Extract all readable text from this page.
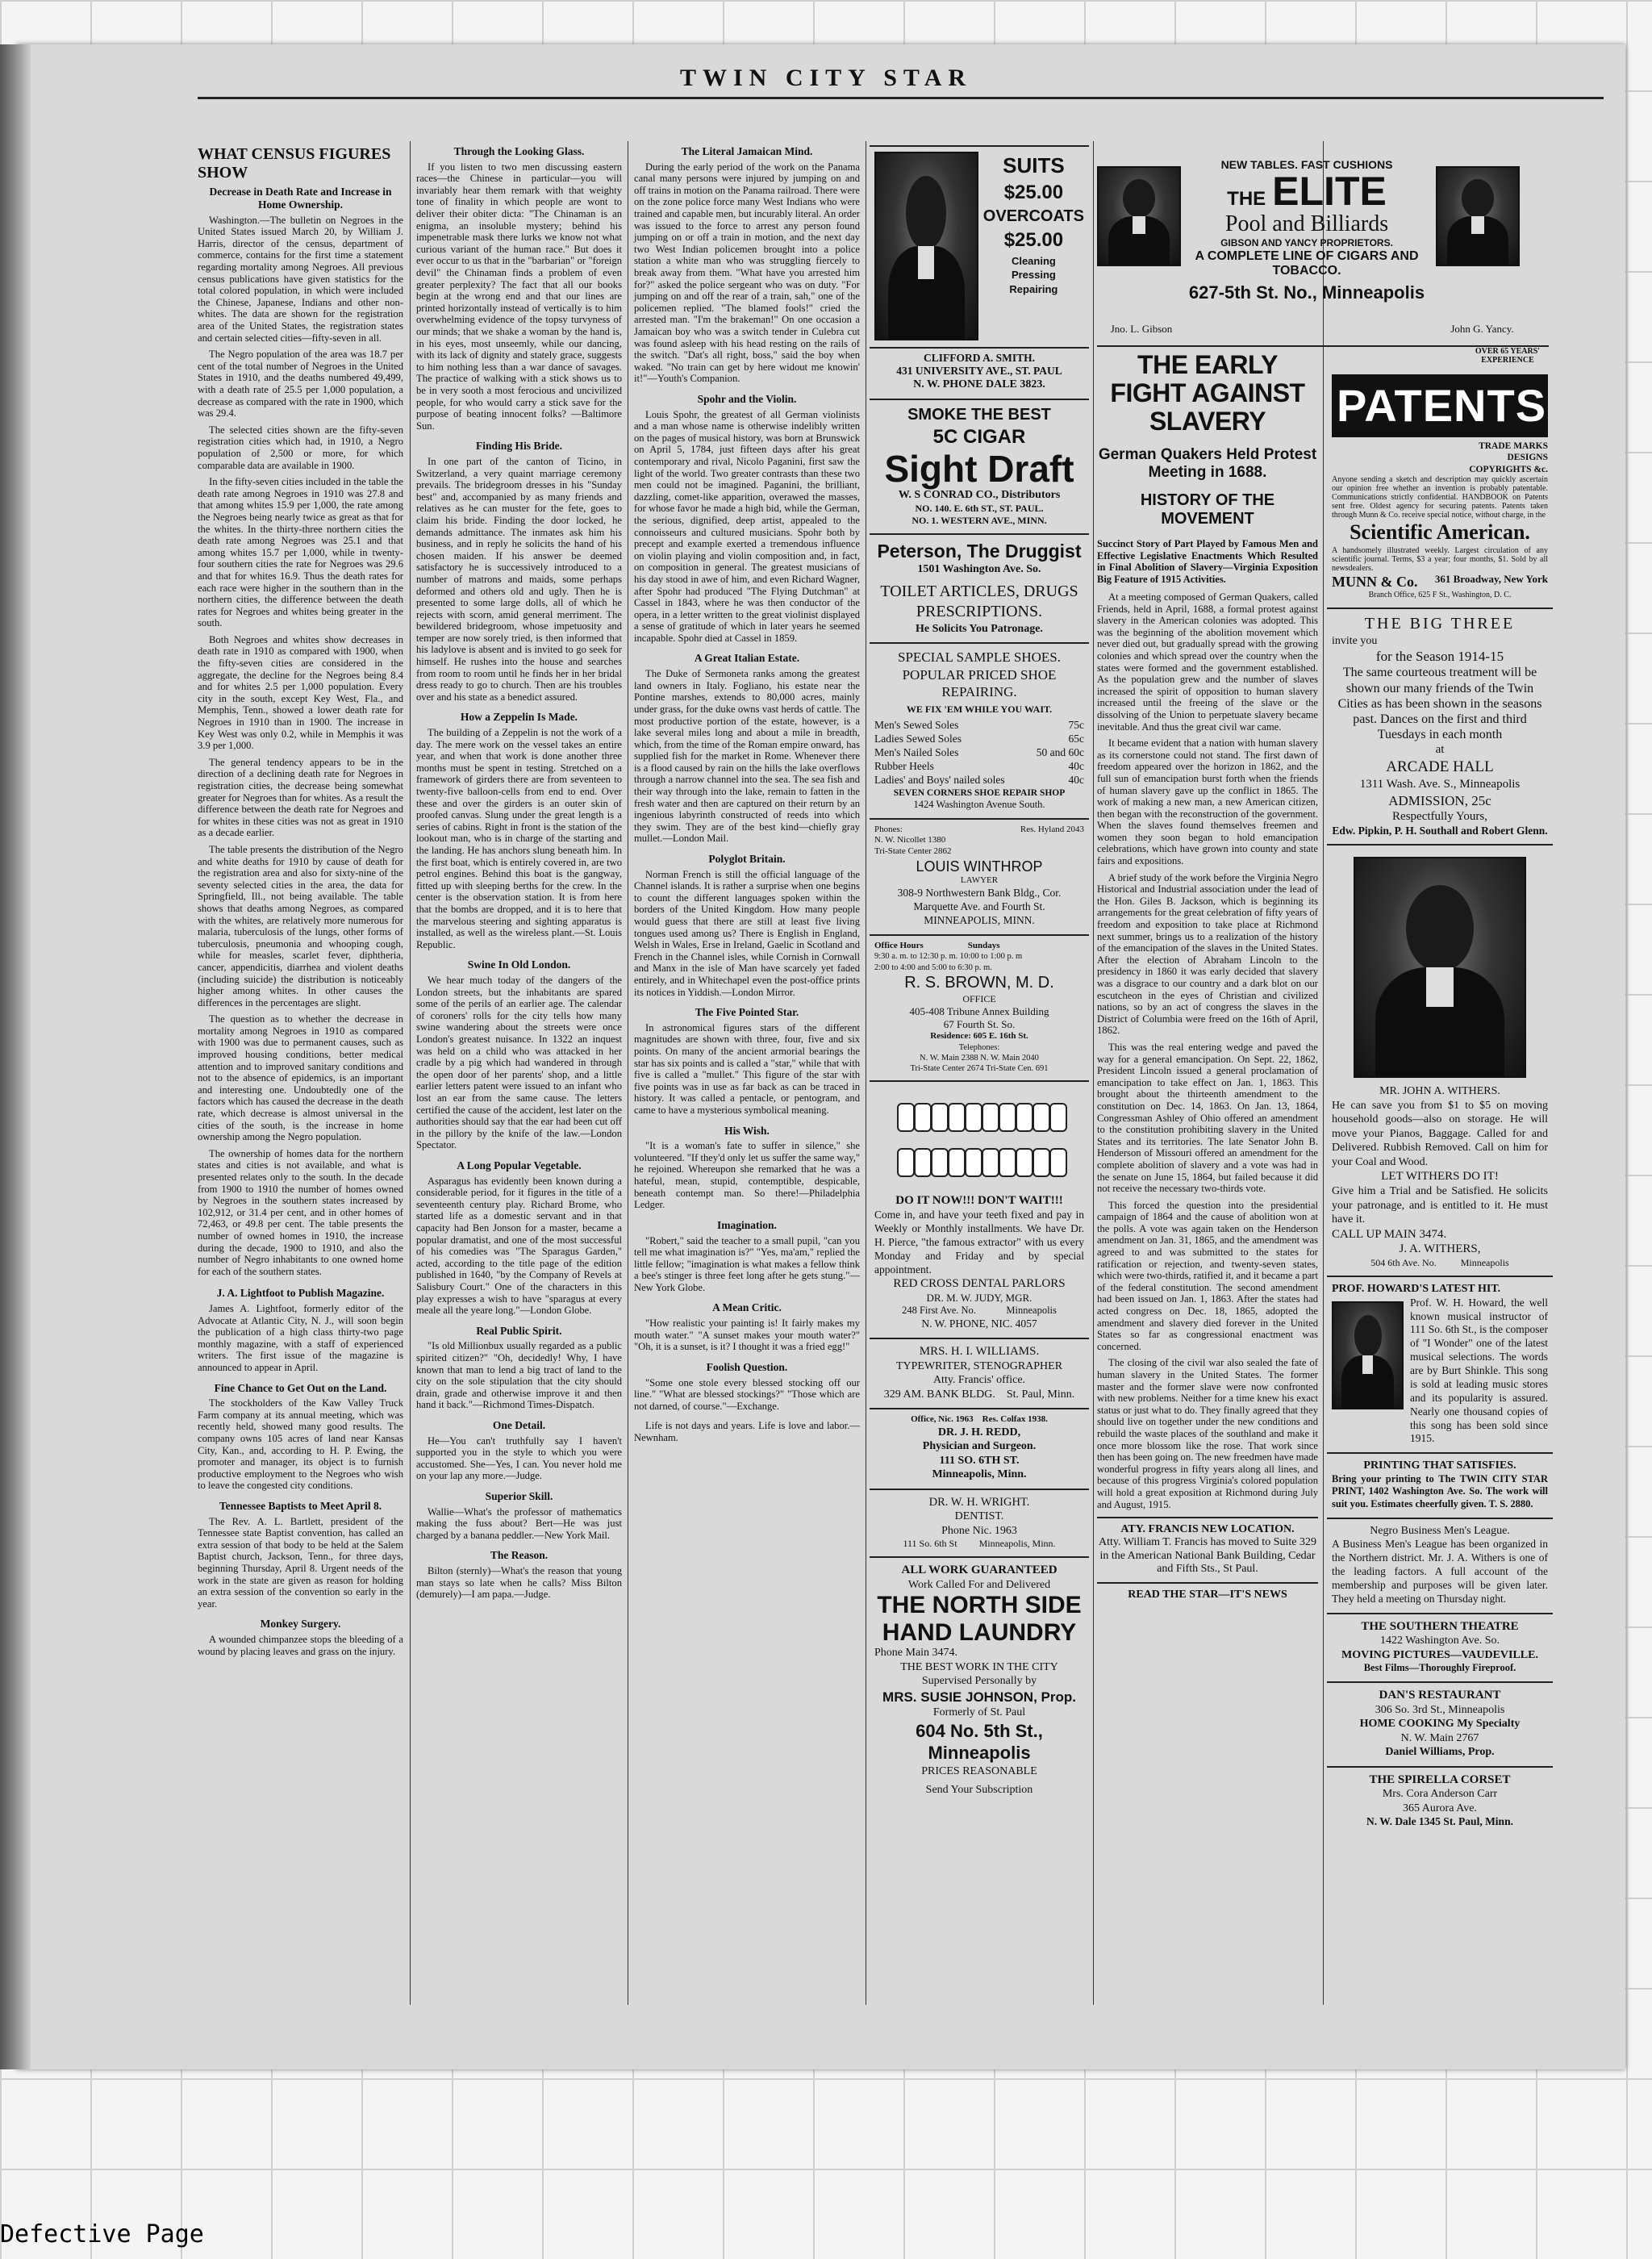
TWIN CITY STAR
WHAT CENSUS FIGURES SHOW
Decrease in Death Rate and Increase in Home Ownership.

Washington.—The bulletin on Negroes in the United States issued March 20, by William J. Harris, director of the census, department of commerce, contains for the first time a statement regarding mortality among Negroes. All previous census publications have given statistics for the total colored population, in which were included the Chinese, Japanese, Indians and other non-whites. The data are shown for the registration area of the United States, the registration states and certain selected cities—fifty-seven in all.

The Negro population of the area was 18.7 per cent of the total number of Negroes in the United States in 1910, and the deaths numbered 49,499, with a death rate of 25.5 per 1,000 population, a decrease as compared with the rate in 1900, which was 29.4.

The selected cities shown are the fifty-seven registration cities which had, in 1910, a Negro population of 2,500 or more, for which comparable data are available in 1900.

In the fifty-seven cities included in the table the death rate among Negroes in 1910 was 27.8 and that among whites 15.9 per 1,000, the rate among the Negroes being nearly twice as great as that for the whites. In the thirty-three northern cities the death rate among Negroes was 25.1 and that among whites 15.7 per 1,000, while in twenty-four southern cities the rate for Negroes was 29.6 and that for whites 16.9. Thus the death rates for each race were higher in the southern than in the northern cities, the difference between the death rates for Negroes and whites being greater in the south.

Both Negroes and whites show decreases in death rate in 1910 as compared with 1900, when the fifty-seven cities are considered in the aggregate, the decline for the Negroes being 8.4 and for whites 2.5 per 1,000 population. Every city in the south, except Key West, Fla., and Memphis, Tenn., showed a lower death rate for Negroes in 1910 than in 1900. The increase in Key West was only 0.2, while in Memphis it was 3.9 per 1,000.

The general tendency appears to be in the direction of a declining death rate for Negroes in registration cities, the decrease being somewhat greater for Negroes than for whites. As a result the difference between the death rate for Negroes and for whites in these cities was not as great in 1910 as a decade earlier.

The table presents the distribution of the Negro and white deaths for 1910 by cause of death for the registration area and also for sixty-nine of the seventy selected cities in the area, the data for Springfield, Ill., not being available. The table shows that deaths among Negroes, as compared with the whites, are relatively more numerous for malaria, tuberculosis of the lungs, other forms of tuberculosis, pneumonia and whooping cough, while for measles, scarlet fever, diphtheria, cancer, appendicitis, diarrhea and violent deaths (including suicide) the distribution is noticeably higher among whites. In other causes the differences in the percentages are slight.

The question as to whether the decrease in mortality among Negroes in 1910 as compared with 1900 was due to permanent causes, such as improved housing conditions, better medical attention and to improved sanitary conditions and not to the absence of epidemics, is an important and interesting one. Undoubtedly one of the factors which has caused the decrease in the death rate, which decrease is almost universal in the cities of the south, is the increase in home ownership among the Negro population.

The ownership of homes data for the northern states and cities is not available, and what is presented relates only to the south. In the decade from 1900 to 1910 the number of homes owned by Negroes in the southern states increased by 102,912, or 31.4 per cent, and in other homes of 72,463, or 49.8 per cent. The table presents the number of owned homes in 1910, the increase during the decade, 1900 to 1910, and also the number of Negro inhabitants to one owned home for each of the southern states.

J. A. Lightfoot to Publish Magazine.

James A. Lightfoot, formerly editor of the Advocate at Atlantic City, N. J., will soon begin the publication of a high class thirty-two page monthly magazine, with a staff of experienced writers. The first issue of the magazine is announced to appear in April.

Fine Chance to Get Out on the Land.

The stockholders of the Kaw Valley Truck Farm company at its annual meeting, which was recently held, showed many good results. The company owns 105 acres of land near Kansas City, Kan., and, according to H. P. Ewing, the promoter and manager, its object is to furnish productive employment to the Negroes who wish to leave the congested city conditions.

Tennessee Baptists to Meet April 8.

The Rev. A. L. Bartlett, president of the Tennessee state Baptist convention, has called an extra session of that body to be held at the Salem Baptist church, Jackson, Tenn., for three days, beginning Thursday, April 8. Urgent needs of the work in the state are given as reason for holding an extra session of the convention so early in the year.

Monkey Surgery.

A wounded chimpanzee stops the bleeding of a wound by placing leaves and grass on the injury.

Through the Looking Glass.

If you listen to two men discussing eastern races—the Chinese in particular—you will invariably hear them remark with that weighty tone of finality in which people are wont to deliver their obiter dicta: "The Chinaman is an enigma, an insoluble mystery; behind his impenetrable mask there lurks we know not what curious variant of the human race." But does it ever occur to us that in the "barbarian" or "foreign devil" the Chinaman finds a problem of even greater perplexity? The fact that all our books begin at the wrong end and that our lines are printed horizontally instead of vertically is to him overwhelming evidence of the topsy turvyness of our minds; that we shake a woman by the hand is, in his eyes, most unseemly, while our dancing, with its lack of dignity and stately grace, suggests to him nothing less than a war dance of savages. The practice of walking with a stick shows us to be in very sooth a most ferocious and uncivilized people, for who would carry a stick save for the purpose of beating innocent folks? —Baltimore Sun.

Finding His Bride.

In one part of the canton of Ticino, in Switzerland, a very quaint marriage ceremony prevails. The bridegroom dresses in his "Sunday best" and, accompanied by as many friends and relatives as he can muster for the fete, goes to claim his bride. Finding the door locked, he demands admittance. The inmates ask him his business, and in reply he solicits the hand of his chosen maiden. If his answer be deemed satisfactory he is successively introduced to a number of matrons and maids, some perhaps deformed and others old and ugly. Then he is presented to some large dolls, all of which he rejects with scorn, amid general merriment. The bewildered bridegroom, whose impetuosity and temper are now sorely tried, is then informed that his ladylove is absent and is invited to go seek for himself. He rushes into the house and searches from room to room until he finds her in her bridal dress ready to go to church. Then are his troubles over and his state as a benedict assured.

How a Zeppelin Is Made.

The building of a Zeppelin is not the work of a day. The mere work on the vessel takes an entire year, and when that work is done another three months must be spent in testing. Stretched on a framework of girders there are from seventeen to twenty-five balloon-cells from end to end. Over these and over the girders is an outer skin of proofed canvas. Slung under the great length is a series of cabins. Right in front is the station of the lookout man, who is in charge of the starting and the landing. He has anchors slung beneath him. In the first boat, which is entirely covered in, are two petrol engines. Behind this boat is the gangway, fitted up with sleeping berths for the crew. In the center is the observation station. It is from here that the bombs are dropped, and it is to here that the marvelous steering and sighting apparatus is installed, as well as the wireless plant.—St. Louis Republic.

Swine In Old London.

We hear much today of the dangers of the London streets, but the inhabitants are spared some of the perils of an earlier age. The calendar of coroners' rolls for the city tells how many swine wandering about the streets were once London's greatest nuisance. In 1322 an inquest was held on a child who was attacked in her cradle by a pig which had wandered in through the open door of her parents' shop, and a little earlier letters patent were issued to an infant who lost an ear from the same cause. The letters certified the cause of the accident, lest later on the authorities should say that the ear had been cut off in the pillory by the knife of the law.—London Spectator.

A Long Popular Vegetable.

Asparagus has evidently been known during a considerable period, for it figures in the title of a seventeenth century play. Richard Brome, who started life as a domestic servant and in that capacity had Ben Jonson for a master, became a popular dramatist, and one of the most successful of his comedies was "The Sparagus Garden," acted, according to the title page of the edition published in 1640, "by the Company of Revels at Salisbury Court." One of the characters in this play expresses a wish to have "sparagus at every meale all the yeare long."—London Globe.

Real Public Spirit.

"Is old Millionbux usually regarded as a public spirited citizen?" "Oh, decidedly! Why, I have known that man to lend a big tract of land to the city on the sole stipulation that the city should drain, grade and otherwise improve it and then hand it back."—Richmond Times-Dispatch.

One Detail.

He—You can't truthfully say I haven't supported you in the style to which you were accustomed. She—Yes, I can. You never hold me on your lap any more.—Judge.

Superior Skill.

Wallie—What's the professor of mathematics making the fuss about? Bert—He was just charged by a banana peddler.—New York Mail.

The Reason.

Bilton (sternly)—What's the reason that young man stays so late when he calls? Miss Bilton (demurely)—I am papa.—Judge.

The Literal Jamaican Mind.

During the early period of the work on the Panama canal many persons were injured by jumping on and off trains in motion on the Panama railroad. There were on the zone police force many West Indians who were trained and capable men, but incurably literal. An order was issued to the force to arrest any person found jumping on or off a train in motion, and the next day two West Indian policemen brought into a police station a white man who was struggling fiercely to break away from them. "What have you arrested him for?" asked the police sergeant who was on duty. "For jumping on and off the rear of a train, sah," one of the policemen replied. "The blamed fools!" cried the arrested man. "I'm the brakeman!" On one occasion a Jamaican boy who was a switch tender in Culebra cut was found asleep with his head resting on the rails of the switch. "Dat's all right, boss," said the boy when waked. "No train can get by here widout me knowin' it!"—Youth's Companion.

Spohr and the Violin.

Louis Spohr, the greatest of all German violinists and a man whose name is otherwise indelibly written on the pages of musical history, was born at Brunswick on April 5, 1784, just fifteen days after his great contemporary and rival, Nicolo Paganini, first saw the light of the world. Two greater contrasts than these two men could not be imagined. Paganini, the brilliant, dazzling, comet-like apparition, overawed the masses, for whose favor he made a high bid, while the German, the serious, dignified, deep artist, appealed to the connoisseurs and cultured musicians. Spohr both by precept and example exerted a tremendous influence on violin playing and violin composition and, in fact, on composition in general. The greatest musicians of his day stood in awe of him, and even Richard Wagner, after Spohr had produced "The Flying Dutchman" at Cassel in 1843, where he was then conductor of the opera, in a letter written to the great violinist displayed a sense of gratitude of which in later years he seemed incapable. Spohr died at Cassel in 1859.

A Great Italian Estate.

The Duke of Sermoneta ranks among the greatest land owners in Italy. Fogliano, his estate near the Pontine marshes, extends to 80,000 acres, mainly under grass, for the duke owns vast herds of cattle. The most productive portion of the estate, however, is a lake several miles long and about a mile in breadth, which, from the time of the Roman empire onward, has supplied fish for the market in Rome. Whenever there is a flood caused by rain on the hills the lake overflows through a narrow channel into the sea. The sea fish and their way through into the lake, remain to fatten in the fresh water and then are captured on their return by an ingenious labyrinth constructed of reeds into which they swim. They are of the best kind—chiefly gray mullet.—London Mail.

Polyglot Britain.

Norman French is still the official language of the Channel islands. It is rather a surprise when one begins to count the different languages spoken within the borders of the United Kingdom. How many people would guess that there are still at least five living tongues used among us? There is English in England, Welsh in Wales, Erse in Ireland, Gaelic in Scotland and French in the Channel isles, while Cornish in Cornwall and Manx in the isle of Man have scarcely yet faded entirely, and in Whitechapel even the post-office prints its notices in Yiddish.—London Mirror.

The Five Pointed Star.

In astronomical figures stars of the different magnitudes are shown with three, four, five and six points. On many of the ancient armorial bearings the star has six points and is called a "star," while that with five is called a "mullet." This figure of the star with five points was in use as far back as can be traced in history. It was called a pentacle, or pentogram, and came to have a mysterious symbolical meaning.

His Wish.

"It is a woman's fate to suffer in silence," she volunteered. "If they'd only let us suffer the same way," he rejoined. Whereupon she remarked that he was a hateful, mean, stupid, contemptible, despicable, beneath contempt man. So there!—Philadelphia Ledger.

Imagination.

"Robert," said the teacher to a small pupil, "can you tell me what imagination is?" "Yes, ma'am," replied the little fellow; "imagination is what makes a fellow think a bee's stinger is three feet long after he gets stung."—New York Globe.

A Mean Critic.

"How realistic your painting is! It fairly makes my mouth water." "A sunset makes your mouth water?" "Oh, it is a sunset, is it? I thought it was a fried egg!"

Foolish Question.

"Some one stole every blessed stocking off our line." "What are blessed stockings?" "Those which are not darned, of course."—Exchange.

Life is not days and years. Life is love and labor.—Newnham.

SUITS
$25.00
OVERCOATS
$25.00
Cleaning
Pressing
Repairing
CLIFFORD A. SMITH.
431 UNIVERSITY AVE., ST. PAUL
N. W. PHONE DALE 3823.
SMOKE THE BEST
5C CIGAR
Sight Draft
W. S CONRAD CO., Distributors
NO. 140. E. 6th ST., ST. PAUL.
NO. 1. WESTERN AVE., MINN.
Peterson, The Druggist
1501 Washington Ave. So.
TOILET ARTICLES, DRUGS
PRESCRIPTIONS.
He Solicits You Patronage.
SPECIAL SAMPLE SHOES.
POPULAR PRICED SHOE REPAIRING.
WE FIX 'EM WHILE YOU WAIT.
Men's Sewed Soles	75c
Ladies Sewed Soles	65c
Men's Nailed Soles	50 and 60c
Rubber Heels	40c
Ladies' and Boys' nailed soles	40c
SEVEN CORNERS SHOE REPAIR SHOP
1424 Washington Avenue South.
Phones:
N. W. Nicollet 1380
Tri-State Center 2862
Res. Hyland 2043
LOUIS WINTHROP
LAWYER
308-9 Northwestern Bank Bldg., Cor. Marquette Ave. and Fourth St. MINNEAPOLIS, MINN.
Office Hours                    Sundays
9:30 a. m. to 12:30 p. m. 10:00 to 1:00 p. m
2:00 to 4:00 and 5:00 to 6:30 p. m.
R. S. BROWN, M. D.
OFFICE
405-408 Tribune Annex Building
67 Fourth St. So.
Residence: 605 E. 16th St.
Telephones:
N. W. Main 2388 N. W. Main 2040
Tri-State Center 2674 Tri-State Cen. 691
DO IT NOW!!! DON'T WAIT!!!
Come in, and have your teeth fixed and pay in Weekly or Monthly installments. We have Dr. H. Pierce, "the famous extractor" with us every Monday and Friday and by special appointment.
RED CROSS DENTAL PARLORS
DR. M. W. JUDY, MGR.
248 First Ave. No.            Minneapolis
N. W. PHONE, NIC. 4057
MRS. H. I. WILLIAMS.
TYPEWRITER, STENOGRAPHER
Atty. Francis' office.
329 AM. BANK BLDG.    St. Paul, Minn.
Office, Nic. 1963    Res. Colfax 1938.
DR. J. H. REDD,
Physician and Surgeon.
111 SO. 6TH ST.
Minneapolis, Minn.
DR. W. H. WRIGHT.
DENTIST.
Phone Nic. 1963
111 So. 6th St         Minneapolis, Minn.
ALL WORK GUARANTEED
Work Called For and Delivered
THE NORTH SIDE HAND LAUNDRY
Phone Main 3474.
THE BEST WORK IN THE CITY
Supervised Personally by
MRS. SUSIE JOHNSON, Prop.
Formerly of St. Paul
604 No. 5th St., Minneapolis
PRICES REASONABLE
Send Your Subscription
Jno. L. Gibson	John G. Yancy.
NEW TABLES. FAST CUSHIONS
THE ELITE
Pool and Billiards
GIBSON AND YANCY PROPRIETORS.
A COMPLETE LINE OF CIGARS AND TOBACCO.
627-5th St. No., Minneapolis
THE EARLY FIGHT AGAINST SLAVERY
German Quakers Held Protest Meeting in 1688.
HISTORY OF THE MOVEMENT
Succinct Story of Part Played by Famous Men and Effective Legislative Enactments Which Resulted in Final Abolition of Slavery—Virginia Exposition Big Feature of 1915 Activities.

At a meeting composed of German Quakers, called Friends, held in April, 1688, a formal protest against slavery in the American colonies was adopted. This was the beginning of the abolition movement which never died out, but gradually spread with the growing colonies and which spread over the country when the states were formed and the government established. As the population grew and the number of slaves increased the spirit of opposition to human slavery increased until the freeing of the slave or the dissolving of the Union to perpetuate slavery became inevitable. And thus the great civil war came.

It became evident that a nation with human slavery as its cornerstone could not stand. The first dawn of freedom appeared over the horizon in 1862, and the full sun of emancipation burst forth when the friends of human slavery gave up the conflict in 1865. The work of making a new man, a new American citizen, then began with the reconstruction of the government. When the slaves found themselves freemen and women they soon began to hold emancipation celebrations, which have grown into county and state fairs and expositions.

A brief study of the work before the Virginia Negro Historical and Industrial association under the lead of the Hon. Giles B. Jackson, which is beginning its arrangements for the great celebration of fifty years of freedom and exposition to take place at Richmond next summer, brings us to a realization of the history of the emancipation of the slaves in the United States. After the election of Abraham Lincoln to the presidency in 1860 it was early decided that slavery was a disgrace to our country and a dark blot on our escutcheon in the eyes of Christian and civilized nations, so by an act of congress the slaves in the District of Columbia were freed on the 16th of April, 1862.

This was the real entering wedge and paved the way for a general emancipation. On Sept. 22, 1862, President Lincoln issued a general proclamation of emancipation to take effect on Jan. 1, 1863. This brought about the thirteenth amendment to the constitution on Dec. 14, 1863. On Jan. 13, 1864, Congressman Ashley of Ohio offered an amendment to the constitution prohibiting slavery in the United States and its territories. The late Senator John B. Henderson of Missouri offered an amendment for the complete abolition of slavery and a vote was had in the senate on June 15, 1864, but failed because it did not receive the necessary two-thirds vote.

This forced the question into the presidential campaign of 1864 and the cause of abolition won at the polls. A vote was again taken on the Henderson amendment on Jan. 31, 1865, and the amendment was agreed to and was submitted to the states for ratification or rejection, and twenty-seven states, which were two-thirds, ratified it, and it became a part of the federal constitution. The second amendment had been issued on Jan. 1, 1863. After the states had acted congress on Dec. 18, 1865, adopted the amendment and slavery died forever in the United States so far as congressional enactment was concerned.

The closing of the civil war also sealed the fate of human slavery in the United States. The former master and the former slave were now confronted with new problems. Neither for a time knew his exact status or just what to do. They finally agreed that they should live on together under the new conditions and rebuild the waste places of the southland and make it once more blossom like the rose. That work since then has been going on. The new freedmen have made wonderful progress in fifty years along all lines, and because of this progress Virginia's colored population will hold a great exposition at Richmond during July and August, 1915.

ATY. FRANCIS NEW LOCATION.
Atty. William T. Francis has moved to Suite 329 in the American National Bank Building, Cedar and Fifth Sts., St Paul.
READ THE STAR—IT'S NEWS
OVER 65 YEARS' EXPERIENCE
PATENTS
TRADE MARKS
DESIGNS
COPYRIGHTS &c.
Anyone sending a sketch and description may quickly ascertain our opinion free whether an invention is probably patentable. Communications strictly confidential. HANDBOOK on Patents sent free. Oldest agency for securing patents. Patents taken through Munn & Co. receive special notice, without charge, in the
Scientific American.
A handsomely illustrated weekly. Largest circulation of any scientific journal. Terms, $3 a year; four months, $1. Sold by all newsdealers.
MUNN & Co. 361 Broadway, New York
Branch Office, 625 F St., Washington, D. C.
THE BIG THREE
invite you
for the Season 1914-15
The same courteous treatment will be shown our many friends of the Twin Cities as has been shown in the seasons past. Dances on the first and third Tuesdays in each month
at
ARCADE HALL
1311 Wash. Ave. S., Minneapolis
ADMISSION, 25c
Respectfully Yours,
Edw. Pipkin, P. H. Southall and Robert Glenn.
MR. JOHN A. WITHERS.
He can save you from $1 to $5 on moving household goods—also on storage. He will move your Pianos, Baggage. Called for and Delivered. Rubbish Removed. Call on him for your Coal and Wood.
LET WITHERS DO IT!
Give him a Trial and be Satisfied. He solicits your patronage, and is entitled to it. He must have it.
CALL UP MAIN 3474.
J. A. WITHERS,
504 6th Ave. No.          Minneapolis
PROF. HOWARD'S LATEST HIT.
Prof. W. H. Howard, the well known musical instructor of 111 So. 6th St., is the composer of "I Wonder" one of the latest musical selections. The words are by Burt Shinkle. This song is sold at leading music stores and its popularity is assured. Nearly one thousand copies of this song has been sold since 1915.
PRINTING THAT SATISFIES.
Bring your printing to The TWIN CITY STAR PRINT, 1402 Washington Ave. So. The work will suit you. Estimates cheerfully given. T. S. 2880.
Negro Business Men's League.
A Business Men's League has been organized in the Northern district. Mr. J. A. Withers is one of the leading factors. A full account of the membership and purposes will be given later. They held a meeting on Thursday night.
THE SOUTHERN THEATRE
1422 Washington Ave. So.
MOVING PICTURES—VAUDEVILLE.
Best Films—Thoroughly Fireproof.
DAN'S RESTAURANT
306 So. 3rd St., Minneapolis
HOME COOKING My Specialty
N. W. Main 2767
Daniel Williams, Prop.
THE SPIRELLA CORSET
Mrs. Cora Anderson Carr
365 Aurora Ave.
N. W. Dale 1345 St. Paul, Minn.
Defective Page
